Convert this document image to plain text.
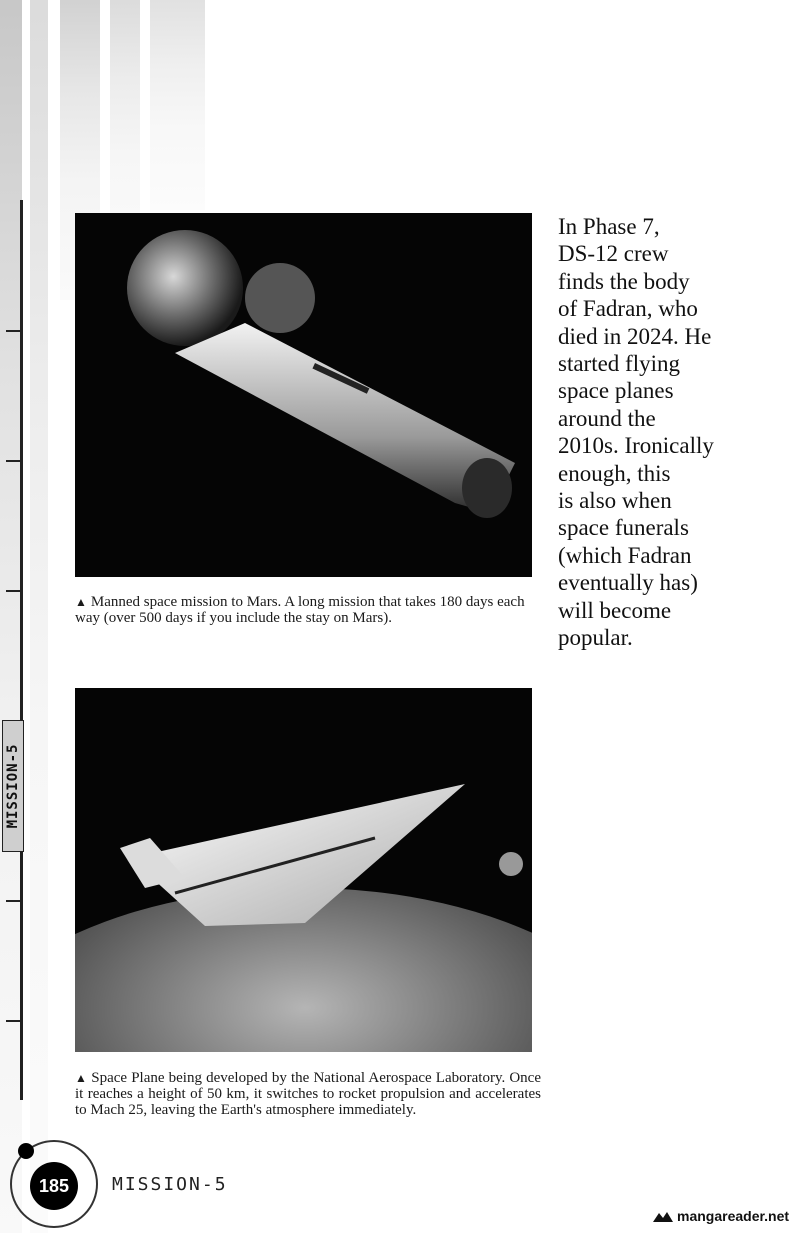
MISSION-5
▲ Manned space mission to Mars. A long mission that takes 180 days each way (over 500 days if you include the stay on Mars).
▲ Space Plane being developed by the National Aerospace Laboratory. Once it reaches a height of 50 km, it switches to rocket propulsion and accelerates to Mach 25, leaving the Earth's atmosphere immediately.
In Phase 7,
DS-12 crew
finds the body
of Fadran, who
died in 2024. He
started flying
space planes
around the
2010s. Ironically
enough, this
is also when
space funerals
(which Fadran
eventually has)
will become
popular.
185	MISSION-5
mangareader.net
